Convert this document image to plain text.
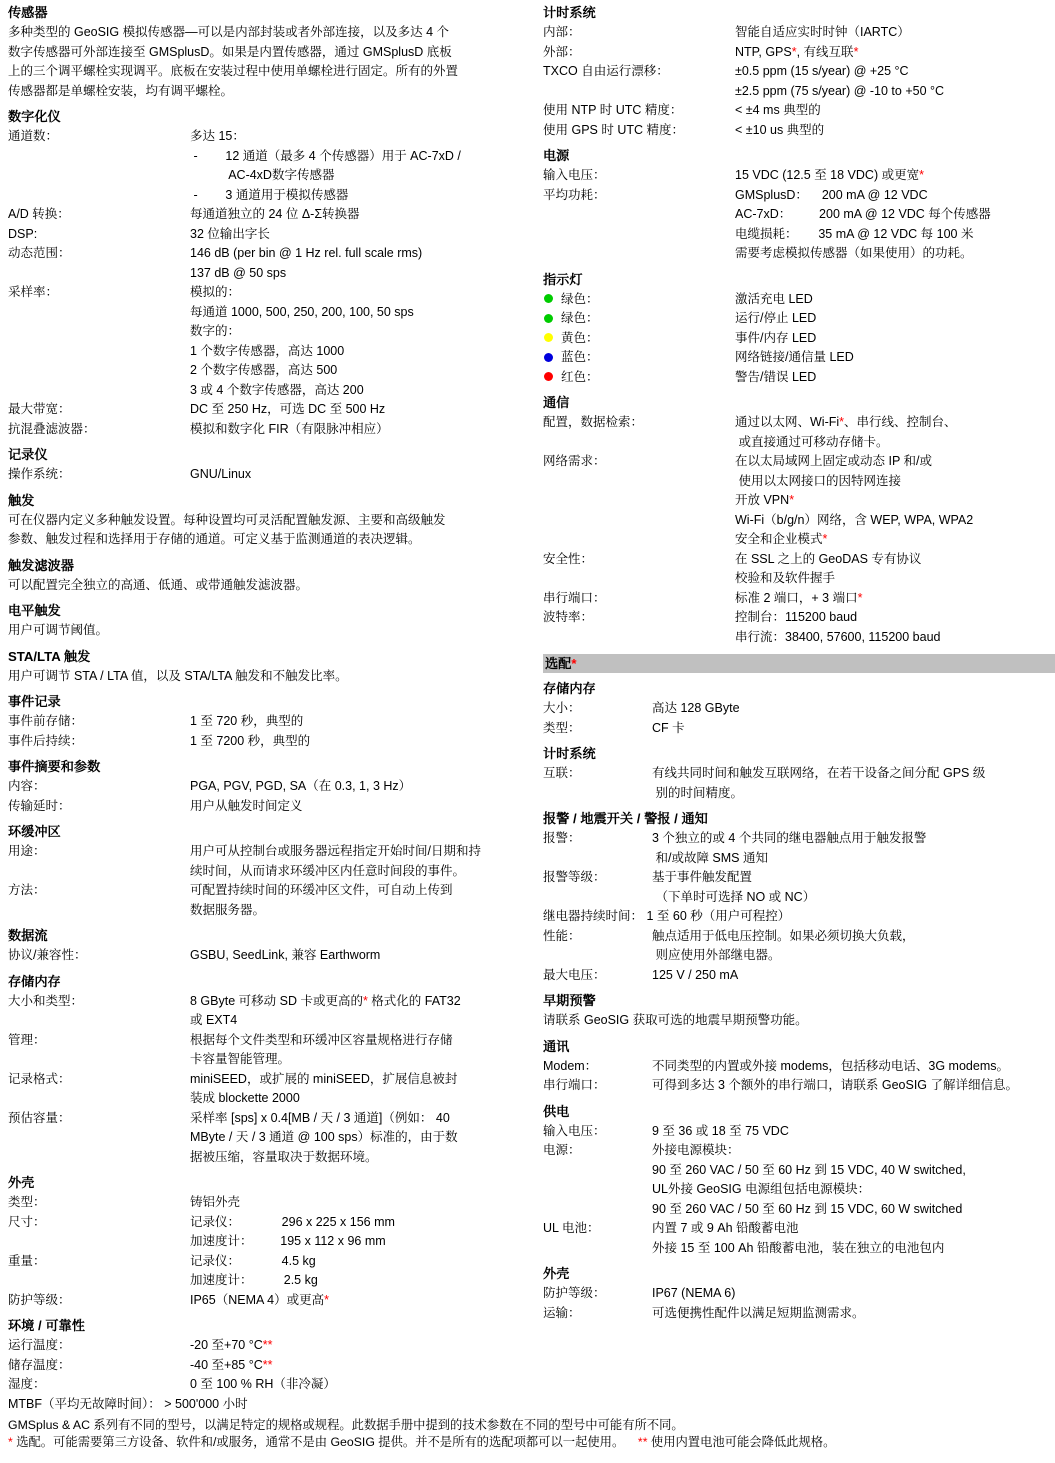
传感器
多种类型的 GeoSIG 模拟传感器—可以是内部封装或者外部连接，以及多达 4 个
数字传感器可外部连接至 GMSplusD。如果是内置传感器，通过 GMSplusD 底板
上的三个调平螺栓实现调平。底板在安装过程中使用单螺栓进行固定。所有的外置
传感器都是单螺栓安装，均有调平螺栓。
数字化仪
通道数：	多达 15：
-        12 通道（最多 4 个传感器）用于 AC-7xD /
AC-4xD数字传感器
-        3 通道用于模拟传感器
A/D 转换：	每通道独立的 24 位 Δ-Σ转换器
DSP:	32 位输出字长
动态范围：	146 dB (per bin @ 1 Hz rel. full scale rms)
137 dB @ 50 sps
采样率：	模拟的：
每通道 1000, 500, 250, 200, 100, 50 sps
数字的：
1 个数字传感器，高达 1000
2 个数字传感器，高达 500
3 或 4 个数字传感器，高达 200
最大带宽：	DC 至 250 Hz，可选 DC 至 500 Hz
抗混叠滤波器：	模拟和数字化 FIR（有限脉冲相应）
记录仪
操作系统：	GNU/Linux
触发
可在仪器内定义多种触发设置。每种设置均可灵活配置触发源、主要和高级触发
参数、触发过程和选择用于存储的通道。可定义基于监测通道的表决逻辑。
触发滤波器
可以配置完全独立的高通、低通、或带通触发滤波器。
电平触发
用户可调节阈值。
STA/LTA 触发
用户可调节 STA / LTA 值，以及 STA/LTA 触发和不触发比率。
事件记录
事件前存储：	1 至 720 秒，典型的
事件后持续：	1 至 7200 秒，典型的
事件摘要和参数
内容：	PGA, PGV, PGD, SA（在 0.3, 1, 3 Hz）
传输延时：	用户从触发时间定义
环缓冲区
用途：	用户可从控制台或服务器远程指定开始时间/日期和持
续时间，从而请求环缓冲区内任意时间段的事件。
方法：	可配置持续时间的环缓冲区文件，可自动上传到
数据服务器。
数据流
协议/兼容性：	GSBU, SeedLink, 兼容 Earthworm
存储内存
大小和类型：	8 GByte 可移动 SD 卡或更高的* 格式化的 FAT32
或 EXT4
管理：	根据每个文件类型和环缓冲区容量规格进行存储
卡容量智能管理。
记录格式：	miniSEED，或扩展的 miniSEED，扩展信息被封
装成 blockette 2000
预估容量：	采样率 [sps] x 0.4[MB / 天 / 3 通道]（例如： 40
MByte / 天 / 3 通道 @ 100 sps）标准的，由于数
据被压缩，容量取决于数据环境。
外壳
类型：	铸铝外壳
尺寸：	记录仪：            296 x 225 x 156 mm
加速度计：        195 x 112 x 96 mm
重量：	记录仪：            4.5 kg
加速度计：         2.5 kg
防护等级：	IP65（NEMA 4）或更高*
环境 / 可靠性
运行温度：	-20 至+70 °C**
储存温度：	-40 至+85 °C**
湿度：	0 至 100 % RH（非冷凝）
MTBF（平均无故障时间）： > 500'000 小时
计时系统
内部：	智能自适应实时时钟（IARTC）
外部：	NTP, GPS*, 有线互联*
TXCO 自由运行漂移：	±0.5 ppm (15 s/year) @ +25 °C
±2.5 ppm (75 s/year) @ -10 to +50 °C
使用 NTP 时 UTC 精度：	< ±4 ms 典型的
使用 GPS 时 UTC 精度：	< ±10 us 典型的
电源
输入电压：	15 VDC (12.5 至 18 VDC) 或更宽*
平均功耗：	GMSplusD：    200 mA @ 12 VDC
AC-7xD：        200 mA @ 12 VDC 每个传感器
电缆损耗：      35 mA @ 12 VDC 每 100 米
需要考虑模拟传感器（如果使用）的功耗。
指示灯
绿色：	激活充电 LED
绿色：	运行/停止 LED
黄色：	事件/内存 LED
蓝色：	网络链接/通信量 LED
红色：	警告/错误 LED
通信
配置，数据检索：	通过以太网、Wi-Fi*、串行线、控制台、
或直接通过可移动存储卡。
网络需求：	在以太局域网上固定或动态 IP 和/或
使用以太网接口的因特网连接
开放 VPN*
Wi-Fi（b/g/n）网络，含 WEP, WPA, WPA2
安全和企业模式*
安全性：	在 SSL 之上的 GeoDAS 专有协议
校验和及软件握手
串行端口：	标准 2 端口，+ 3 端口*
波特率：	控制台：115200 baud
串行流：38400, 57600, 115200 baud
选配*
存储内存
大小：	高达 128 GByte
类型：	CF 卡
计时系统
互联：	有线共同时间和触发互联网络，在若干设备之间分配 GPS 级
别的时间精度。
报警 / 地震开关 / 警报 / 通知
报警：	3 个独立的或 4 个共同的继电器触点用于触发报警
和/或故障 SMS 通知
报警等级：	基于事件触发配置
（下单时可选择 NO 或 NC）
继电器持续时间： 1 至 60 秒（用户可程控）
性能：	触点适用于低电压控制。如果必须切换大负载，
则应使用外部继电器。
最大电压：	125 V / 250 mA
早期预警
请联系 GeoSIG 获取可选的地震早期预警功能。
通讯
Modem：	不同类型的内置或外接 modems，包括移动电话、3G modems。
串行端口：	可得到多达 3 个额外的串行端口，请联系 GeoSIG 了解详细信息。
供电
输入电压：	9 至 36 或 18 至 75 VDC
电源：	外接电源模块：
90 至 260 VAC / 50 至 60 Hz 到 15 VDC, 40 W switched,
UL外接 GeoSIG 电源组包括电源模块：
90 至 260 VAC / 50 至 60 Hz 到 15 VDC, 60 W switched
UL 电池：	内置 7 或 9 Ah 铅酸蓄电池
外接 15 至 100 Ah 铅酸蓄电池，装在独立的电池包内
外壳
防护等级：	IP67 (NEMA 6)
运输：	可选便携性配件以满足短期监测需求。
GMSplus & AC 系列有不同的型号，以满足特定的规格或规程。此数据手册中提到的技术参数在不同的型号中可能有所不同。
* 选配。可能需要第三方设备、软件和/或服务，通常不是由 GeoSIG 提供。并不是所有的选配项都可以一起使用。    ** 使用内置电池可能会降低此规格。
